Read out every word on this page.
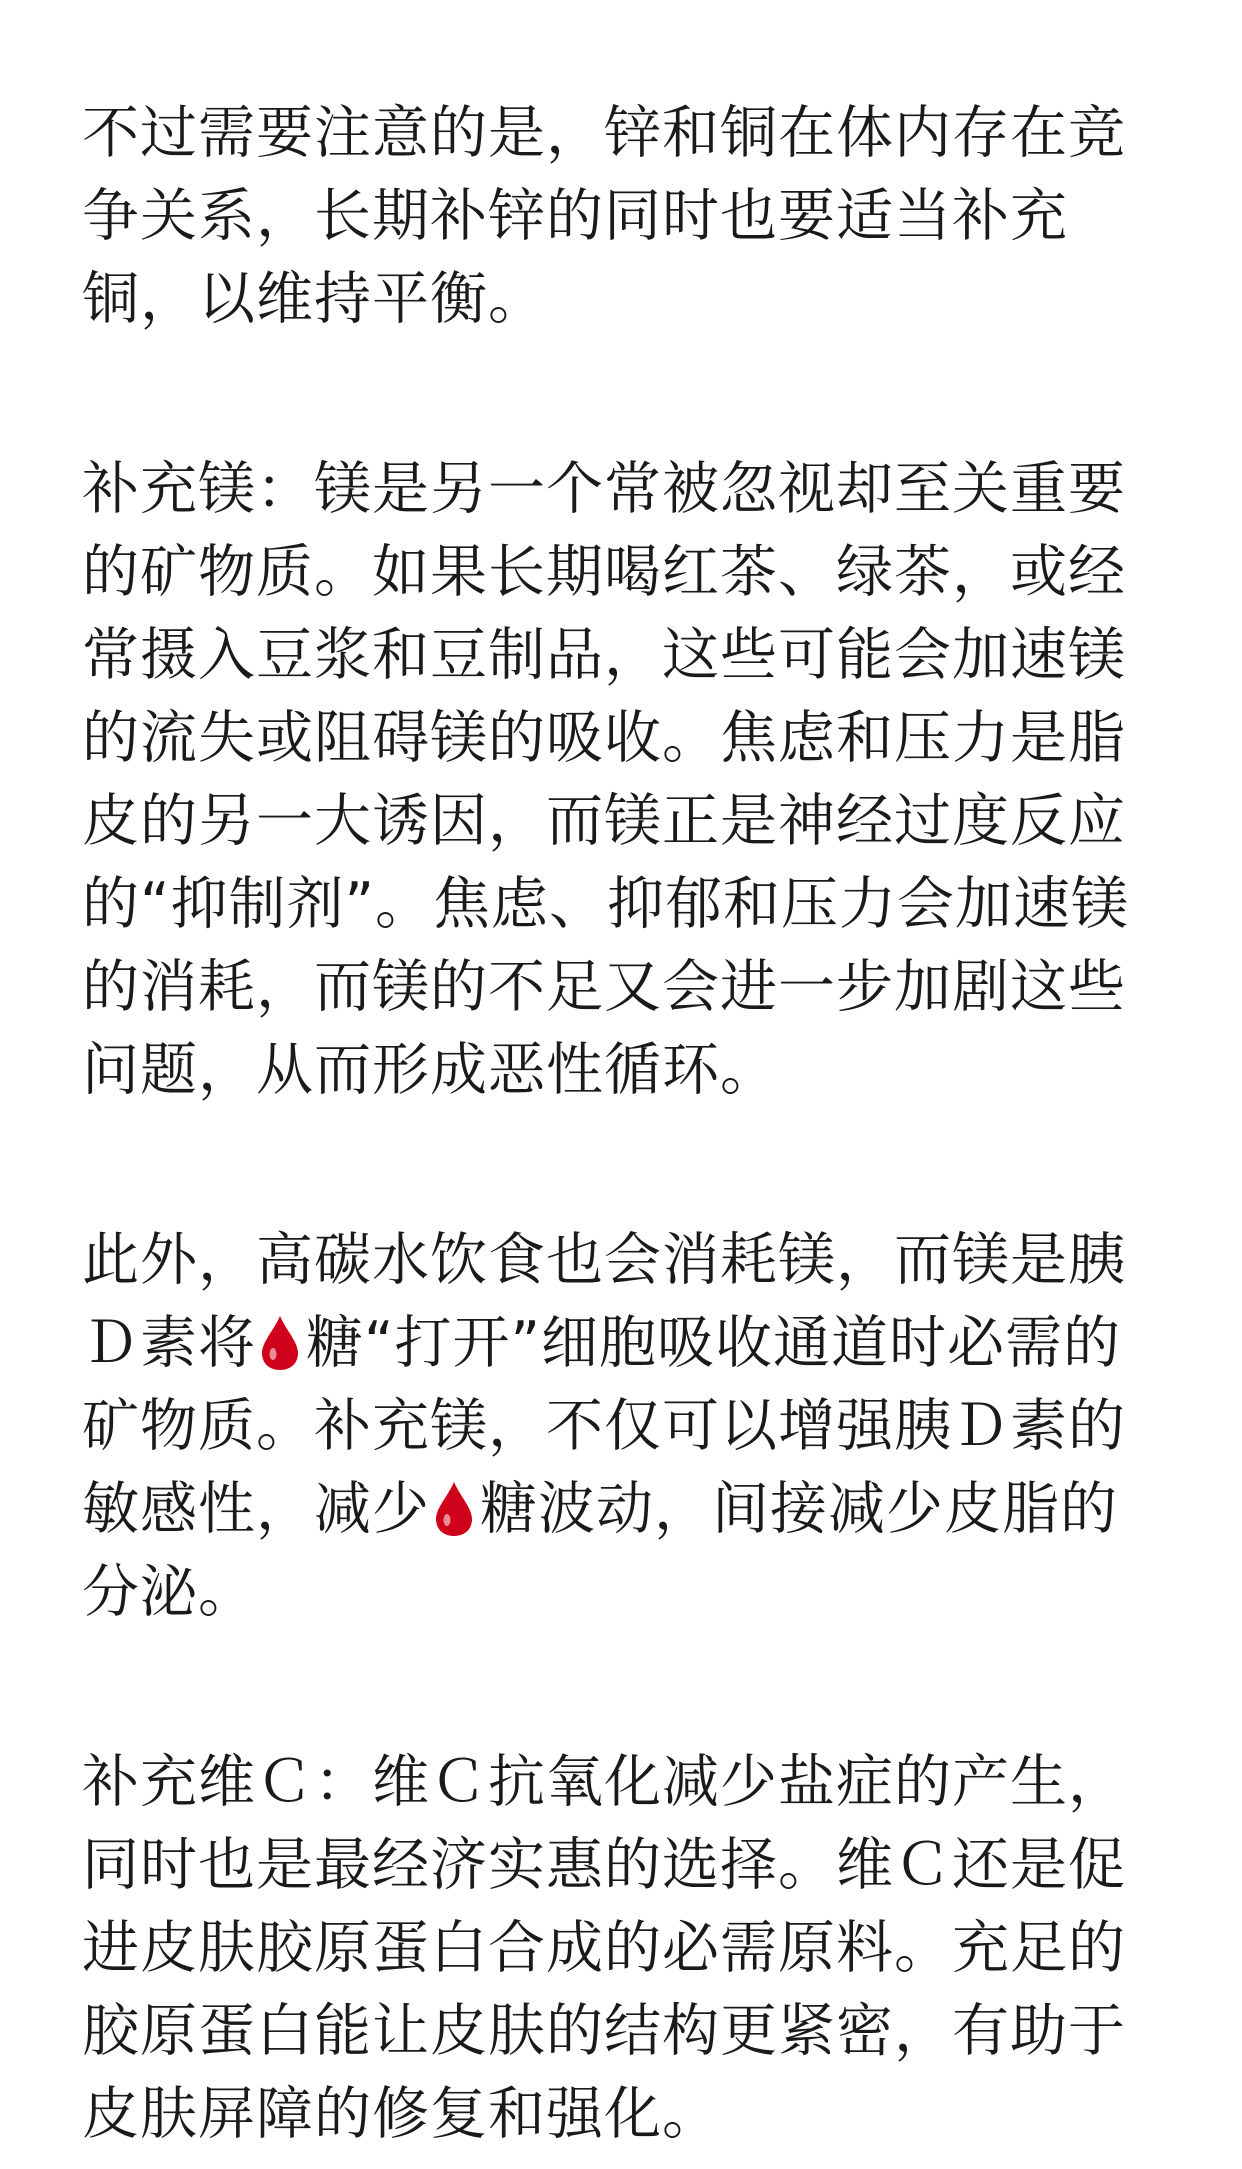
不过需要注意的是，锌和铜在体内存在竞
争关系，长期补锌的同时也要适当补充
铜，以维持平衡。
补充镁：镁是另一个常被忽视却至关重要
的矿物质。如果长期喝红茶、绿茶，或经
常摄入豆浆和豆制品，这些可能会加速镁
的流失或阻碍镁的吸收。焦虑和压力是脂
皮的另一大诱因，而镁正是神经过度反应
的“抑制剂”。焦虑、抑郁和压力会加速镁
的消耗，而镁的不足又会进一步加剧这些
问题，从而形成恶性循环。
此外，高碳水饮食也会消耗镁，而镁是胰
Ｄ素将 糖“打开”细胞吸收通道时必需的
矿物质。补充镁，不仅可以增强胰Ｄ素的
敏感性，减少 糖波动，间接减少皮脂的
分泌。
补充维Ｃ：维Ｃ抗氧化减少盐症的产生，
同时也是最经济实惠的选择。维Ｃ还是促
进皮肤胶原蛋白合成的必需原料。充足的
胶原蛋白能让皮肤的结构更紧密，有助于
皮肤屏障的修复和强化。
